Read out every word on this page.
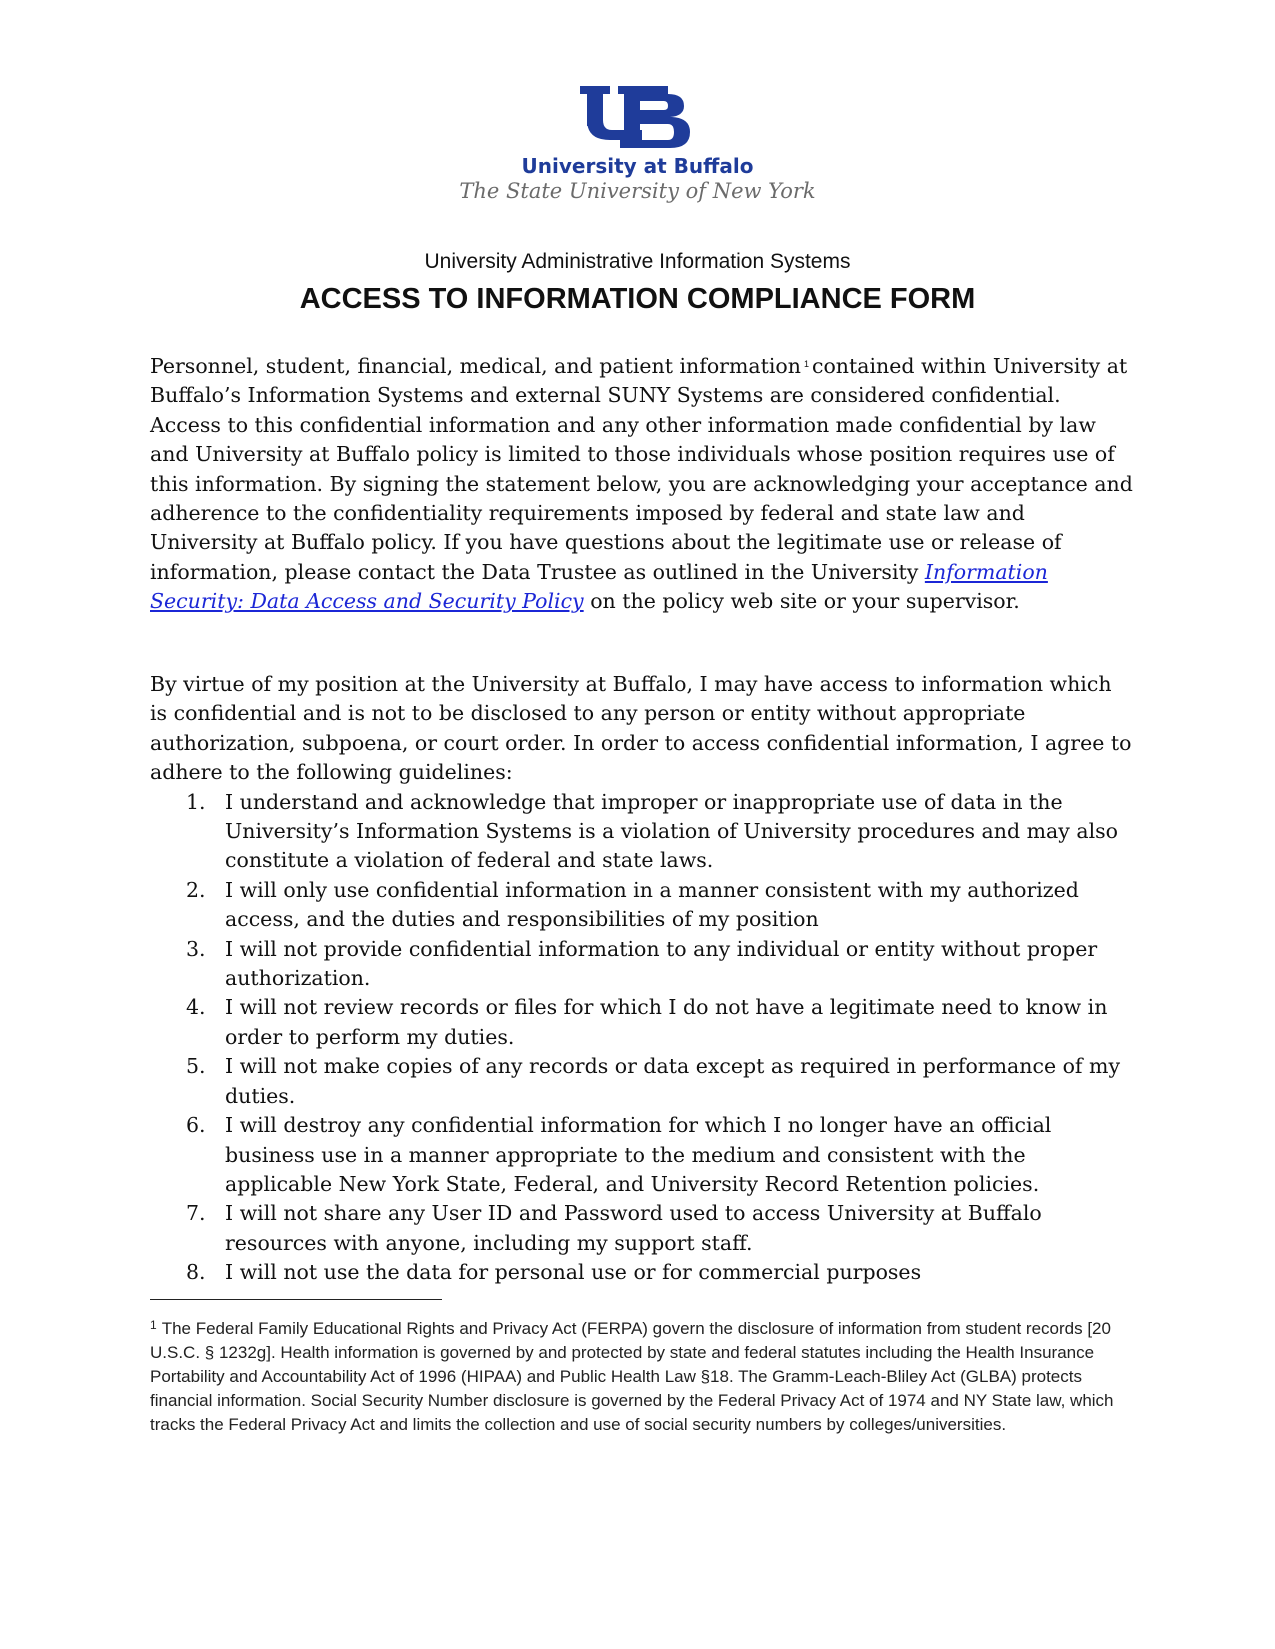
University at Buffalo
The State University of New York
University Administrative Information Systems
ACCESS TO INFORMATION COMPLIANCE FORM
Personnel, student, financial, medical, and patient information $^1$ contained within University at Buffalo’s Information Systems and external SUNY Systems are considered confidential. Access to this confidential information and any other information made confidential by law and University at Buffalo policy is limited to those individuals whose position requires use of this information. By signing the statement below, you are acknowledging your acceptance and adherence to the confidentiality requirements imposed by federal and state law and University at Buffalo policy. If you have questions about the legitimate use or release of information, please contact the Data Trustee as outlined in the University Information Security: Data Access and Security Policy on the policy web site or your supervisor.
By virtue of my position at the University at Buffalo, I may have access to information which is confidential and is not to be disclosed to any person or entity without appropriate authorization, subpoena, or court order. In order to access confidential information, I agree to adhere to the following guidelines:
1. I understand and acknowledge that improper or inappropriate use of data in the University’s Information Systems is a violation of University procedures and may also constitute a violation of federal and state laws.
2. I will only use confidential information in a manner consistent with my authorized access, and the duties and responsibilities of my position
3. I will not provide confidential information to any individual or entity without proper authorization.
4. I will not review records or files for which I do not have a legitimate need to know in order to perform my duties.
5. I will not make copies of any records or data except as required in performance of my duties.
6. I will destroy any confidential information for which I no longer have an official business use in a manner appropriate to the medium and consistent with the applicable New York State, Federal, and University Record Retention policies.
7. I will not share any User ID and Password used to access University at Buffalo resources with anyone, including my support staff.
8. I will not use the data for personal use or for commercial purposes
$^1$ The Federal Family Educational Rights and Privacy Act (FERPA) govern the disclosure of information from student records [20 U.S.C. § 1232g]. Health information is governed by and protected by state and federal statutes including the Health Insurance Portability and Accountability Act of 1996 (HIPAA) and Public Health Law §18. The Gramm-Leach-Bliley Act (GLBA) protects financial information. Social Security Number disclosure is governed by the Federal Privacy Act of 1974 and NY State law, which tracks the Federal Privacy Act and limits the collection and use of social security numbers by colleges/universities.
